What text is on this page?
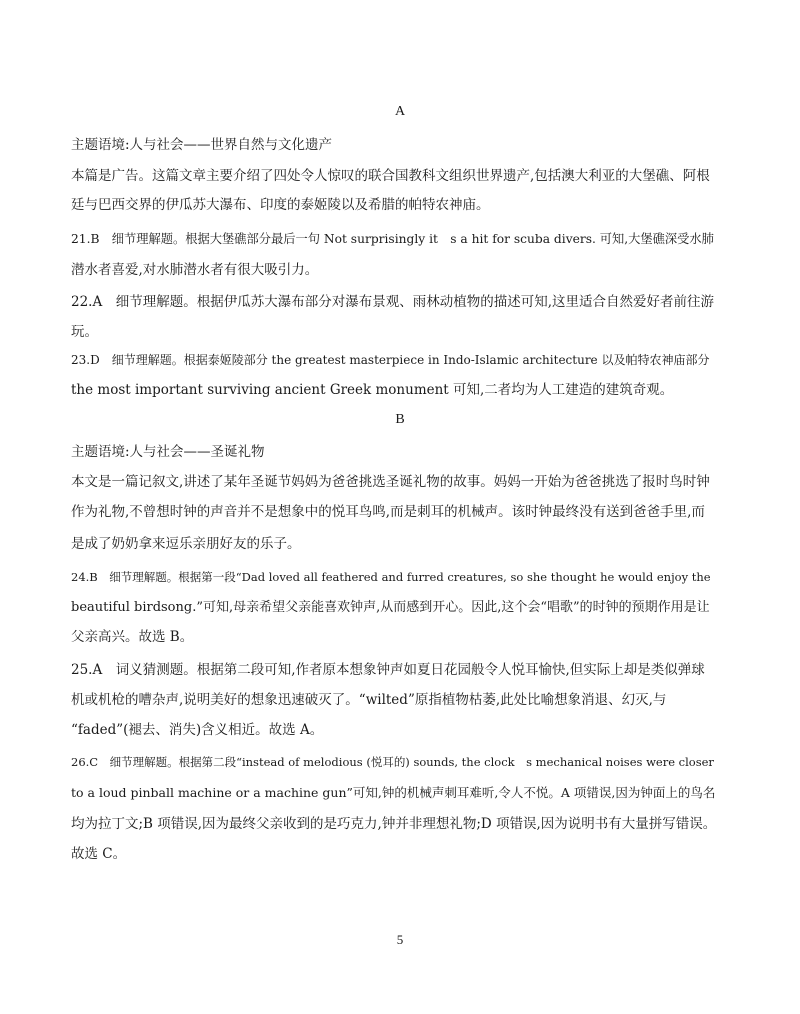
A
主题语境:人与社会——世界自然与文化遗产
本篇是广告。这篇文章主要介绍了四处令人惊叹的联合国教科文组织世界遗产,包括澳大利亚的大堡礁、阿根
廷与巴西交界的伊瓜苏大瀑布、印度的泰姬陵以及希腊的帕特农神庙。
21.B　细节理解题。根据大堡礁部分最后一句 Not surprisingly it　s a hit for scuba divers. 可知,大堡礁深受水肺
潜水者喜爱,对水肺潜水者有很大吸引力。
22.A　细节理解题。根据伊瓜苏大瀑布部分对瀑布景观、雨林动植物的描述可知,这里适合自然爱好者前往游
玩。
23.D　细节理解题。根据泰姬陵部分 the greatest masterpiece in Indo-Islamic architecture 以及帕特农神庙部分
the most important surviving ancient Greek monument 可知,二者均为人工建造的建筑奇观。
B
主题语境:人与社会——圣诞礼物
本文是一篇记叙文,讲述了某年圣诞节妈妈为爸爸挑选圣诞礼物的故事。妈妈一开始为爸爸挑选了报时鸟时钟
作为礼物,不曾想时钟的声音并不是想象中的悦耳鸟鸣,而是刺耳的机械声。该时钟最终没有送到爸爸手里,而
是成了奶奶拿来逗乐亲朋好友的乐子。
24.B　细节理解题。根据第一段“Dad loved all feathered and furred creatures, so she thought he would enjoy the
beautiful birdsong.”可知,母亲希望父亲能喜欢钟声,从而感到开心。因此,这个会“唱歌”的时钟的预期作用是让
父亲高兴。故选 B。
25.A　词义猜测题。根据第二段可知,作者原本想象钟声如夏日花园般令人悦耳愉快,但实际上却是类似弹球
机或机枪的嘈杂声,说明美好的想象迅速破灭了。“wilted”原指植物枯萎,此处比喻想象消退、幻灭,与
“faded”(褪去、消失)含义相近。故选 A。
26.C　细节理解题。根据第二段“instead of melodious (悦耳的) sounds, the clock　s mechanical noises were closer
to a loud pinball machine or a machine gun”可知,钟的机械声刺耳难听,令人不悦。A 项错误,因为钟面上的鸟名
均为拉丁文;B 项错误,因为最终父亲收到的是巧克力,钟并非理想礼物;D 项错误,因为说明书有大量拼写错误。
故选 C。
5
